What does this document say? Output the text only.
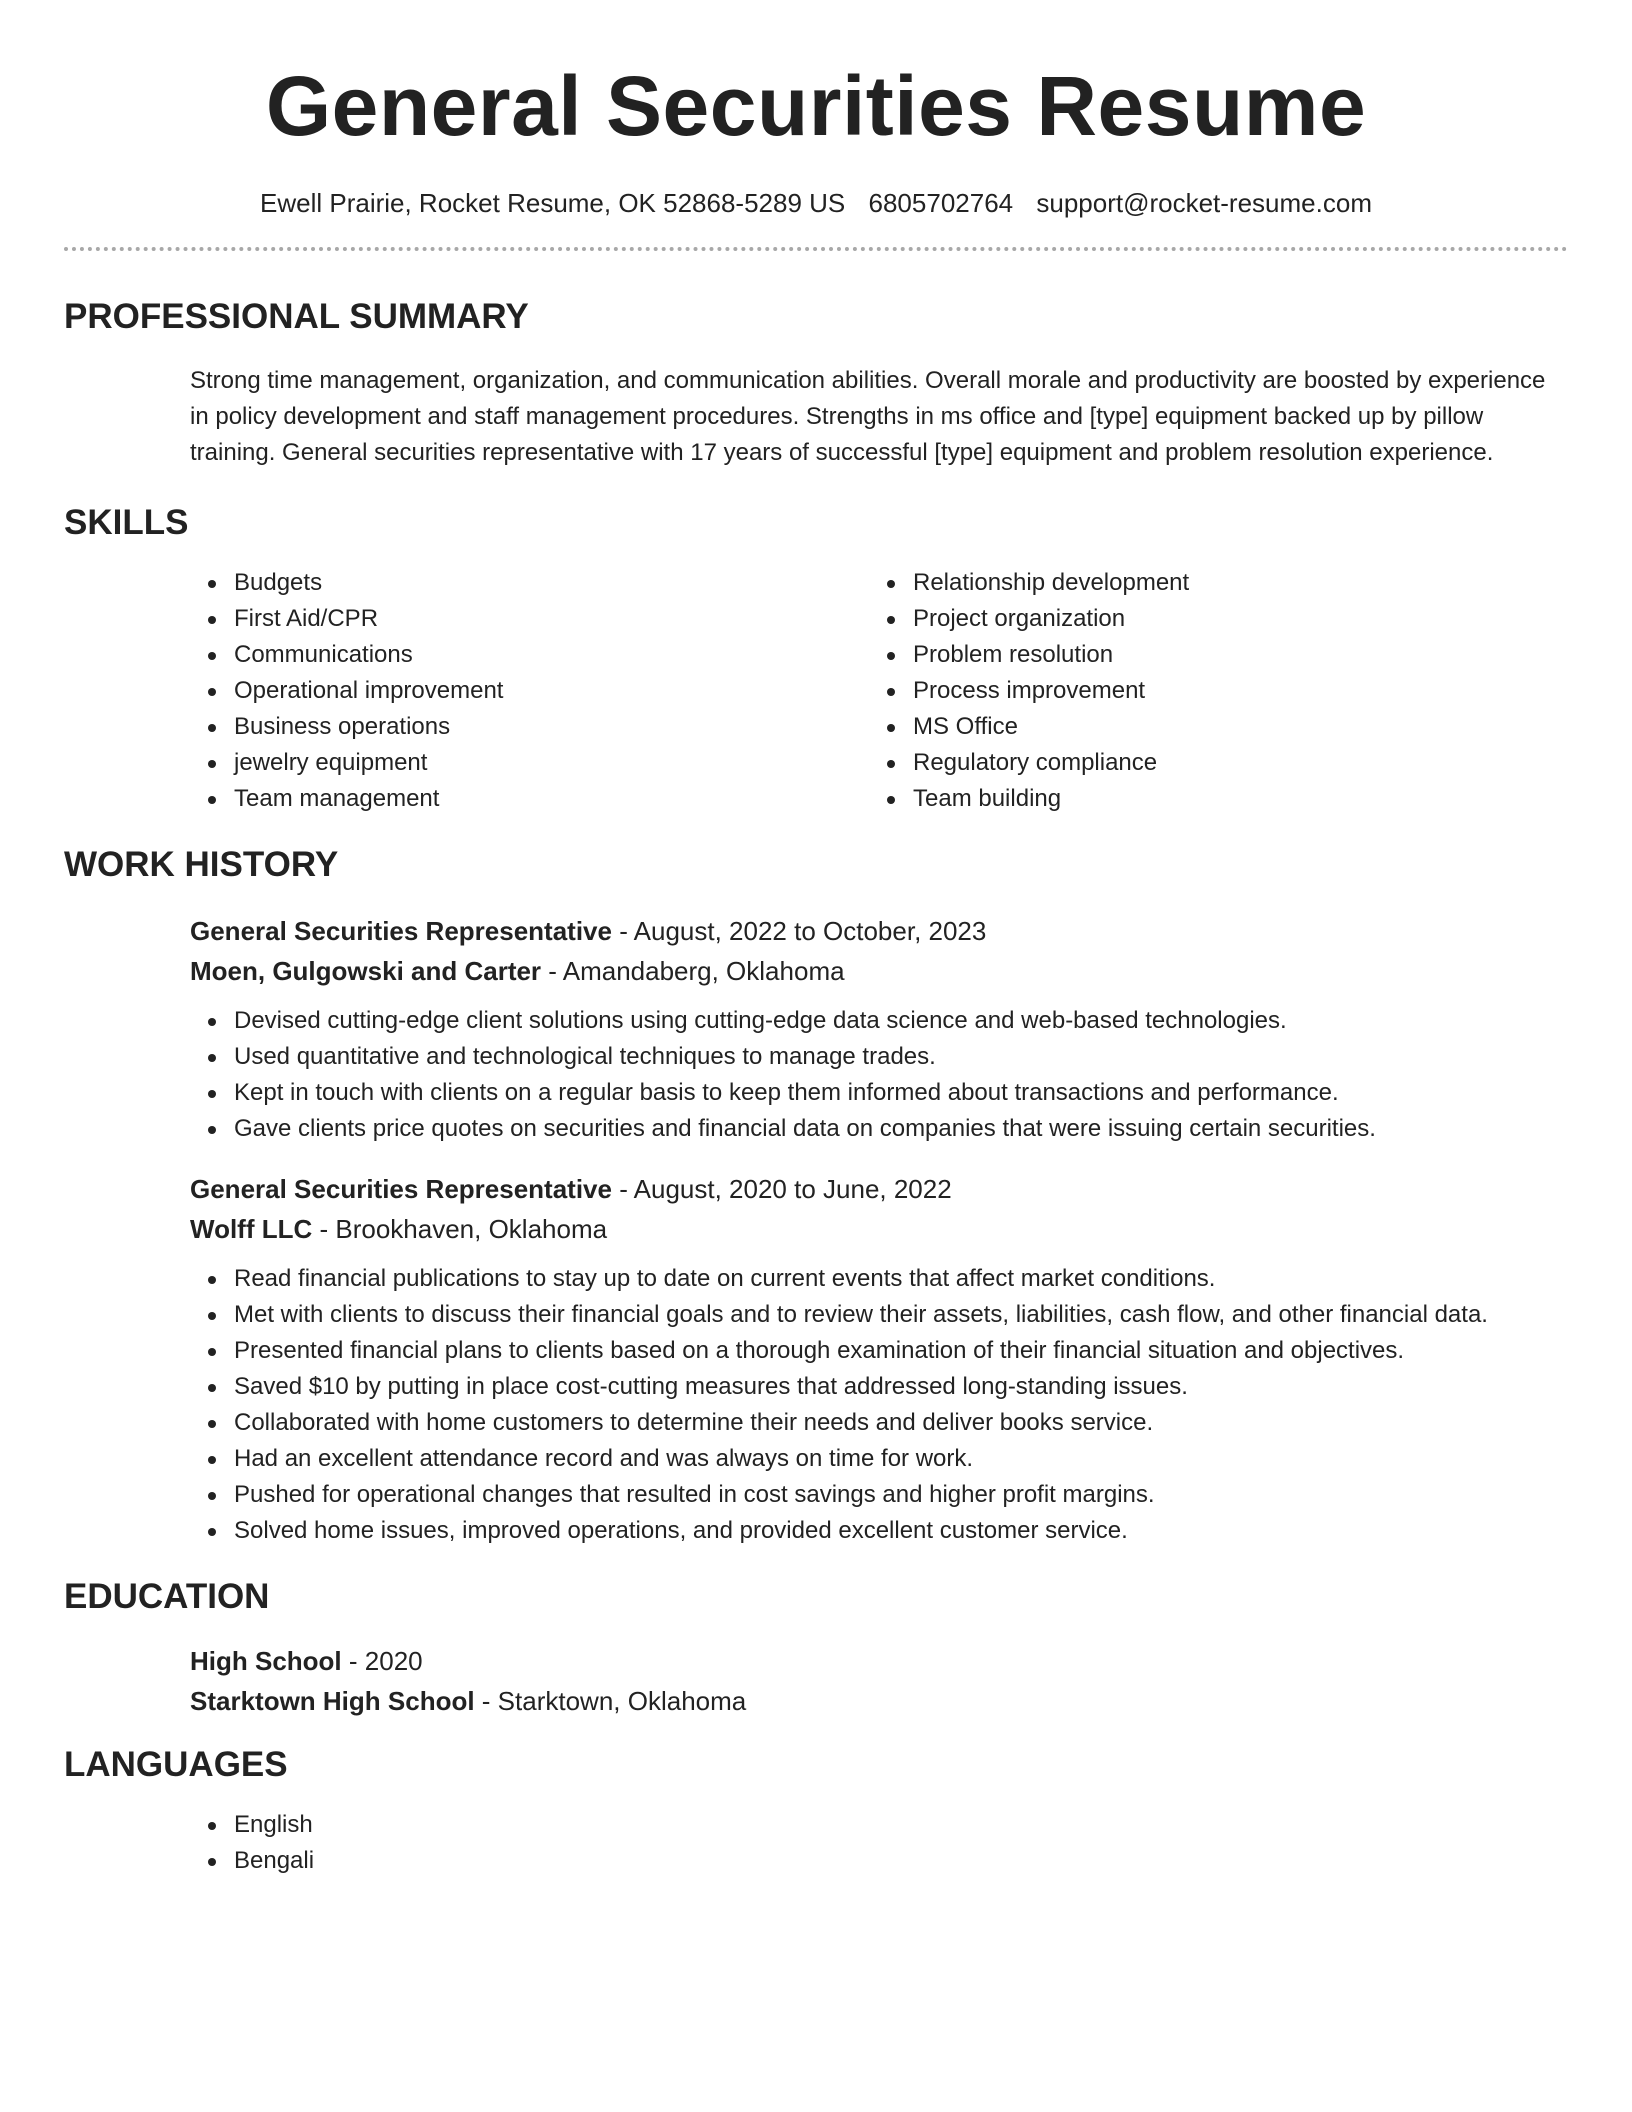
General Securities Resume
Ewell Prairie, Rocket Resume, OK 52868-5289 US 6805702764 support@rocket-resume.com
PROFESSIONAL SUMMARY

Strong time management, organization, and communication abilities. Overall morale and productivity are boosted by experience in policy development and staff management procedures. Strengths in ms office and [type] equipment backed up by pillow training. General securities representative with 17 years of successful [type] equipment and problem resolution experience.

SKILLS
Budgets
First Aid/CPR
Communications
Operational improvement
Business operations
jewelry equipment
Team management
Relationship development
Project organization
Problem resolution
Process improvement
MS Office
Regulatory compliance
Team building
WORK HISTORY
General Securities Representative - August, 2022 to October, 2023
Moen, Gulgowski and Carter - Amandaberg, Oklahoma
Devised cutting-edge client solutions using cutting-edge data science and web-based technologies.
Used quantitative and technological techniques to manage trades.
Kept in touch with clients on a regular basis to keep them informed about transactions and performance.
Gave clients price quotes on securities and financial data on companies that were issuing certain securities.
General Securities Representative - August, 2020 to June, 2022
Wolff LLC - Brookhaven, Oklahoma
Read financial publications to stay up to date on current events that affect market conditions.
Met with clients to discuss their financial goals and to review their assets, liabilities, cash flow, and other financial data.
Presented financial plans to clients based on a thorough examination of their financial situation and objectives.
Saved $10 by putting in place cost-cutting measures that addressed long-standing issues.
Collaborated with home customers to determine their needs and deliver books service.
Had an excellent attendance record and was always on time for work.
Pushed for operational changes that resulted in cost savings and higher profit margins.
Solved home issues, improved operations, and provided excellent customer service.
EDUCATION
High School - 2020
Starktown High School - Starktown, Oklahoma
LANGUAGES
English
Bengali
